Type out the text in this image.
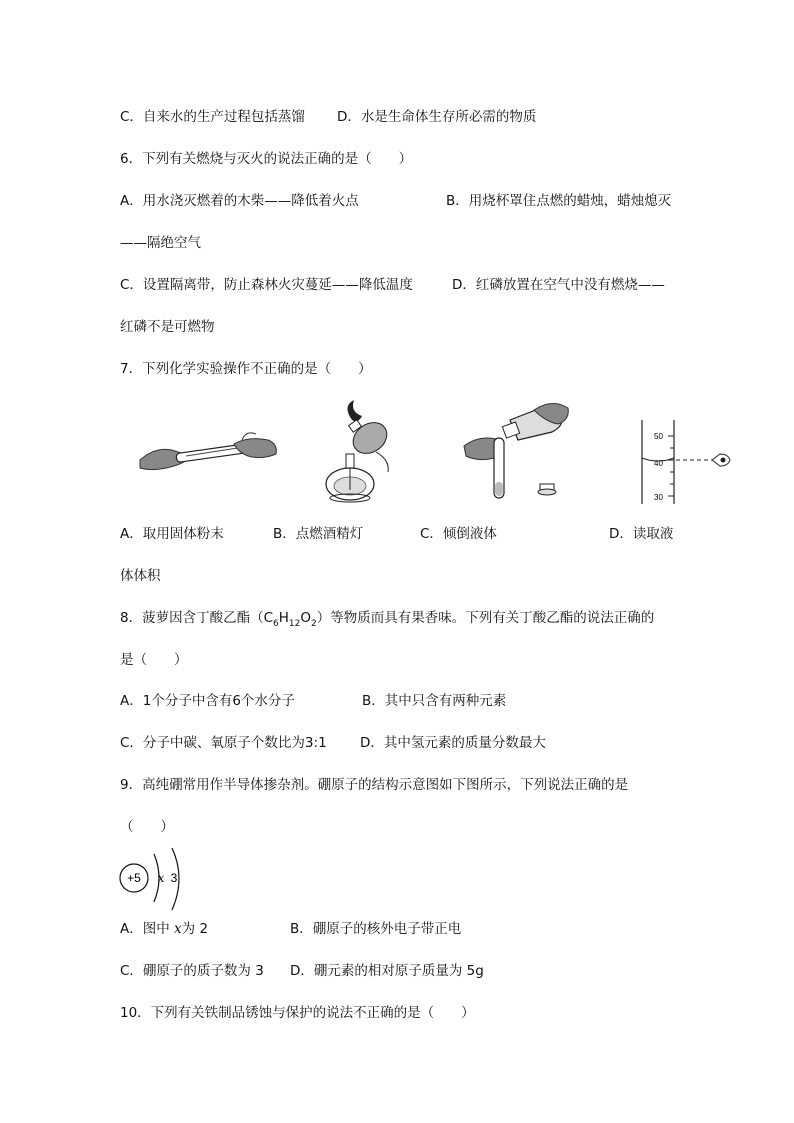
C．自来水的生产过程包括蒸馏 D．水是生命体生存所必需的物质
6．下列有关燃烧与灭火的说法正确的是（　　）
A．用水浇灭燃着的木柴——降低着火点	B．用烧杯罩住点燃的蜡烛，蜡烛熄灭
——隔绝空气
C．设置隔离带，防止森林火灾蔓延——降低温度	D．红磷放置在空气中没有燃烧——
红磷不是可燃物
7．下列化学实验操作不正确的是（　　）
50
40
30
A．取用固体粉末	B．点燃酒精灯	C．倾倒液体	D．读取液
体体积
8．菠萝因含丁酸乙酯$(C_6H_{12}O_2)$等物质而具有果香味。下列有关丁酸乙酯的说法正确的
是（　　）
A．1个分子中含有6个水分子	B．其中只含有两种元素
C．分子中碳、氧原子个数比为3:1 D．其中氢元素的质量分数最大
9．高纯硼常用作半导体掺杂剂。硼原子的结构示意图如下图所示，下列说法正确的是
（　　）
+5 x 3
A．图中 x为 2	B．硼原子的核外电子带正电
C．硼原子的质子数为 3 D．硼元素的相对原子质量为 5g
10．下列有关铁制品锈蚀与保护的说法不正确的是（　　）
